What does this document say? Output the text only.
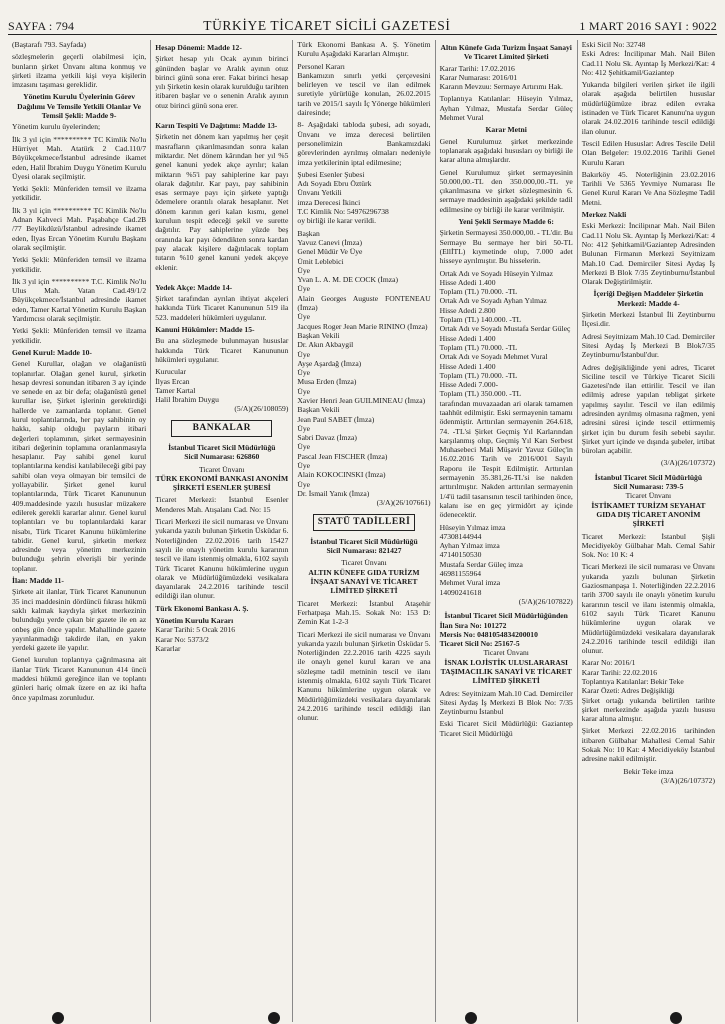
SAYFA : 794	TÜRKİYE TİCARET SİCİLİ GAZETESİ	1 MART 2016 SAYI : 9022

(Baştarafı 793. Sayfada)

sözleşmelerin geçerli olabilmesi için, bunların şirket Ünvanı altına konmuş ve şirketi ilzama yetkili kişi veya kişilerin imzasını taşıması gereklidir.

Yönetim Kurulu Üyelerinin Görev Dağılımı Ve Temsile Yetkili Olanlar Ve Temsil Şekli: Madde 9-

Yönetim kurulu üyelerinden;

İlk 3 yıl için ********** TC Kimlik No'lu Hürriyet Mah. Atatürk 2 Cad.110/7 Büyükçekmece/İstanbul adresinde ikamet eden, Halil İbrahim Duygu Yönetim Kurulu Üyesi olarak seçilmiştir.

Yetki Şekli: Münferiden temsil ve ilzama yetkilidir.

İlk 3 yıl için ********** TC Kimlik No'lu Adnan Kahveci Mah. Paşabahçe Cad.2B /77 Beylikdüzü/İstanbul adresinde ikamet eden, İlyas Ercan Yönetim Kurulu Başkanı olarak seçilmiştir.

Yetki Şekli: Münferiden temsil ve ilzama yetkilidir.

İlk 3 yıl için ********** T.C. Kimlik No'lu Ulus Mah. Vatan Cad.49/1/2 Büyükçekmece/İstanbul adresinde ikamet eden, Tamer Kartal Yönetim Kurulu Başkan Yardımcısı olarak seçilmiştir.

Yetki Şekli: Münferiden temsil ve ilzama yetkilidir.

Genel Kurul: Madde 10-

Genel Kurullar, olağan ve olağanüstü toplanırlar. Olağan genel kurul, şirketin hesap devresi sonundan itibaren 3 ay içinde ve senede en az bir defa; olağanüstü genel kurullar ise, Şirket işlerinin gerektirdiği hallerde ve zamanlarda toplanır. Genel kurul toplantılarında, her pay sahibinin oy hakkı, sahip olduğu payların itibari değerleri toplamının, şirket sermayesinin itibari değerinin toplamına oranlanmasıyla hesaplanır. Pay sahibi genel kurul toplantılarına kendisi katılabileceği gibi pay sahibi olan veya olmayan bir temsilci de yollayabilir. Şirket genel kurul toplantılarında, Türk Ticaret Kanununun 409.maddesinde yazılı hususlar müzakere edilerek gerekli kararlar alınır. Genel kurul toplantıları ve bu toplantılardaki karar nisabı, Türk Ticaret Kanunu hükümlerine tabidir. Genel kurul, şirketin merkez adresinde veya yönetim merkezinin bulunduğu şehrin elverişli bir yerinde toplanır.

İlan: Madde 11-

Şirkete ait ilanlar, Türk Ticaret Kanununun 35 inci maddesinin dördüncü fıkrası hükmü saklı kalmak kaydıyla şirket merkezinin bulunduğu yerde çıkan bir gazete ile en az onbeş gün önce yapılır. Mahallinde gazete yayınlanmadığı takdirde ilan, en yakın yerdeki gazete ile yapılır.

Genel kurulun toplantıya çağrılmasına ait ilanlar Türk Ticaret Kanununun 414 üncü maddesi hükmü gereğince ilan ve toplantı günleri hariç olmak üzere en az iki hafta önce yapılması zorunludur.

Hesap Dönemi: Madde 12-

Şirket hesap yılı Ocak ayının birinci gününden başlar ve Aralık ayının otuz birinci günü sona erer. Fakat birinci hesap yılı Şirketin kesin olarak kurulduğu tarihten itibaren başlar ve o senenin Aralık ayının otuz birinci günü sona erer.

Karın Tespiti Ve Dağıtımı: Madde 13-

Şirketin net dönem karı yapılmış her çeşit masrafların çıkarılmasından sonra kalan miktardır. Net dönem kârından her yıl %5 genel kanuni yedek akçe ayrılır; kalan miktarın %5'i pay sahiplerine kar payı olarak dağıtılır. Kar payı, pay sahibinin esas sermaye payı için şirkete yaptığı ödemelere orantılı olarak hesaplanır. Net dönem karının geri kalan kısmı, genel kuruluın tespit edeceği şekil ve surette dağıtılır. Pay sahiplerine yüzde beş oranında kar payı ödendikten sonra kardan pay alacak kişilere dağıtılacak toplam tutarın %10 genel kanuni yedek akçeye eklenir.

Yedek Akçe: Madde 14-

Şirket tarafından ayrılan ihtiyat akçeleri hakkında Türk Ticaret Kanununun 519 ila 523. maddeleri hükümleri uygulanır.

Kanuni Hükümler: Madde 15-

Bu ana sözleşmede bulunmayan hususlar hakkında Türk Ticaret Kanununun hükümleri uygulanır.

Kurucular
İlyas Ercan
Tamer Kartal
Halil İbrahim Duygu
(5/A)(26/108059)
BANKALAR
İstanbul Ticaret Sicil Müdürlüğü
Sicil Numarası: 626860
Ticaret Ünvanı
TÜRK EKONOMİ BANKASI ANONİM ŞİRKETİ ESENLER ŞUBESİ

Ticaret Merkezi: İstanbul Esenler Menderes Mah. Atışalanı Cad. No: 15

Ticari Merkezi ile sicil numarası ve Ünvanı yukarıda yazılı bulunan Şirketin Üsküdar 6. Noterliğinden 22.02.2016 tarih 15427 sayılı ile onaylı yönetim kurulu kararının tescil ve ilanı istenmiş olmakla, 6102 sayılı Türk Ticaret Kanunu hükümlerine uygun olarak ve Müdürlüğümüzdeki vesikalara dayanılarak 24.2.2016 tarihinde tescil edildiği ilan olunur.

Türk Ekonomi Bankası A. Ş.
Yönetim Kurulu Kararı
Karar Tarihi: 5 Ocak 2016
Karar No: 5373/2
Kararlar

Türk Ekonomi Bankası A. Ş. Yönetim Kurulu Aşağıdaki Kararları Almıştır.

Personel Kararı

Bankamızın sınırlı yetki çerçevesini belirleyen ve tescil ve ilan edilmek suretiyle yürürlüğe konulan, 26.02.2015 tarih ve 2015/1 sayılı İç Yönerge hükümleri dairesinde;

8- Aşağıdaki tabloda şubesi, adı soyadı, Ünvanı ve imza derecesi belirtilen personelimizin Bankamızdaki görevlerinden ayrılmış olmaları nedeniyle imza yetkilerinin iptal edilmesine;

Şubesi Esenler Şubesi
Adı Soyadı Ebru Öztürk
Ünvanı Yetkili
imza Derecesi İkinci
T.C Kimlik No: 54976296738
oy birliği ile karar verildi.
Başkan
Yavuz Canevi (İmza)
Genel Müdür Ve Üye
Ümit Leblebici
Üye
Yvan L. A. M. DE COCK (İmza)
Üye
Alain Georges Auguste FONTENEAU (İmza)
Üye
Jacques Roger Jean Marie RININO (İmza)
Başkan Vekili
Dr. Akın Akbaygil
Üye
Ayşe Aşardağ (İmza)
Üye
Musa Erden (İmza)
Üye
Xavier Henri Jean GUILMINEAU (İmza)
Başkan Vekili
Jean Paul SABET (İmza)
Üye
Sabri Davaz (İmza)
Üye
Pascal Jean FISCHER (İmza)
Üye
Alain KOKOCINSKI (İmza)
Üye
Dr. İsmail Yanık (İmza)
(3/A)(26/107661)
STATÜ TADİLLERİ
İstanbul Ticaret Sicil Müdürlüğü
Sicil Numarası: 821427
Ticaret Ünvanı
ALTIN KÜNEFE GIDA TURİZM İNŞAAT SANAYİ VE TİCARET LİMİTED ŞİRKETİ

Ticaret Merkezi: İstanbul Ataşehir Ferhatpaşa Mah.15. Sokak No: 153 D: Zemin Kat 1-2-3

Ticari Merkezi ile sicil numarası ve Ünvanı yukarıda yazılı bulunan Şirketin Üsküdar 5. Noterliğinden 22.2.2016 tarih 4225 sayılı ile onaylı genel kurul kararı ve ana sözleşme tadil metninin tescil ve ilanı istenmiş olmakla, 6102 sayılı Türk Ticaret Kanunu hükümlerine uygun olarak ve Müdürlüğümüzdeki vesikalara dayanılarak 24.2.2016 tarihinde tescil edildiği ilan olunur.

Altın Künefe Gıda Turizm İnşaat Sanayi Ve Ticaret Limited Şirketi
Karar Tarihi: 17.02.2016
Karar Numarası: 2016/01

Kararın Mevzuu: Sermaye Artırımı Hak.

Toplantıya Katılanlar: Hüseyin Yılmaz, Ayhan Yılmaz, Mustafa Serdar Güleç Mehmet Vural

Karar Metni

Genel Kurulumuz şirket merkezinde toplanarak aşağıdaki hususları oy birliği ile karar altına almışlardır.

Genel Kurulumuz şirket sermayesinin 50.000,00.-TL den 350.000,00.-TL ye çıkarılmasına ve şirket sözleşmesinin 6. sermaye maddesinin aşağıdaki şekilde tadil edilmesine oy birliği ile karar verilmiştir.

Yeni Şekli Sermaye Madde 6:

Şirketin Sermayesi 350.000,00. - TL'dir. Bu Sermaye Bu sermaye her biri 50-TL (EllİTL) kıymetinde olup, 7.000 adet hisseye ayrılmıştır. Bu hisselerin.

Ortak Adı ve Soyadı Hüseyin Yılmaz
Hisse Adedi 1.400
Toplam (TL) 70.000. -TL
Ortak Adı ve Soyadı Ayhan Yılmaz
Hisse Adedi 2.800
Toplam (TL) 140.000. -TL
Ortak Adı ve Soyadı Mustafa Serdar Güleç
Hisse Adedi 1.400
Toplam (TL) 70.000. -TL
Ortak Adı ve Soyadı Mehmet Vural
Hisse Adedi 1.400
Toplam (TL) 70.000. -TL
Hisse Adedi 7.000-
Toplam (TL) 350.000. -TL

tarafından muvazaadan ari olarak tamamen taahhüt edilmiştir. Eski sermayenin tamamı ödenmiştir. Arttırılan sermayenin 264.618, 74. -TL'si Şirket Geçmiş Yıl Karlarından karşılanmış olup, Geçmiş Yıl Karı Serbest Muhasebeci Mali Müşavir Yavuz Güleç'in 16.02.2016 Tarih ve 2016/001 Sayılı Raporu ile Tespit Edilmiştir. Arttırılan sermayenin 35.381,26-TL'si ise nakden arttırılmıştır. Nakden arttırılan sermayenin 1/4'ü tadil tasarısının tescil tarihinden önce, kalanı ise en geç yirmidört ay içinde ödenecektir.

Hüseyin Yılmaz imza
47308144944
Ayhan Yılmaz imza
47140150530
Mustafa Serdar Güleç imza
46981155964
Mehmet Vural imza
14090241618
(5/A)(26/107822)
İstanbul Ticaret Sicil Müdürlüğünden
İlan Sıra No: 101272
Mersis No: 0481054834200010
Ticaret Sicil No: 25167-5
Ticaret Ünvanı
İSNAK LOJİSTİK ULUSLARARASI TAŞIMACILIK SANAYİ VE TİCARET LİMİTED ŞİRKETİ

Adres: Seyitnizam Mah.10 Cad. Demirciler Sitesi Aydaş İş Merkezi B Blok No: 7/35 Zeytinburnu İstanbul

Eski Ticaret Sicil Müdürlüğü: Gaziantep Ticaret Sicil Müdürlüğü

Eski Sicil No: 32748

Eski Adres: İncilipınar Mah. Nail Bilen Cad.11 Nolu Sk. Ayıntap İş Merkezi/Kat: 4 No: 412 Şehitkamil/Gaziantep

Yukarıda bilgileri verilen şirket ile ilgili olarak aşağıda belirtilen hususlar müdürlüğümüze ibraz edilen evraka istinaden ve Türk Ticaret Kanunu'na uygun olarak 24.02.2016 tarihinde tescil edildiği ilan olunur.

Tescil Edilen Hususlar: Adres Tescile Delil Olan Belgeler: 19.02.2016 Tarihli Genel Kurulu Kararı

Bakırköy 45. Noterliğinin 23.02.2016 Tarihli Ve 5365 Yevmiye Numarası İle Genel Kurul Kararı Ve Ana Sözleşme Tadil Metni.

Merkez Nakli

Eski Merkezi: İncilipınar Mah. Nail Bilen Cad.11 Nolu Sk. Ayıntap İş Merkezi/Kat: 4 No: 412 Şehitkamil/Gaziantep Adresinden Bulunan Firmanın Merkezi Seyitnizam Mah.10 Cad. Demirciler Sitesi Aydaş İş Merkezi B Blok 7/35 Zeytinburnu/İstanbul Olarak Değiştirilmiştir.

İçeriği Değişen Maddeler Şirketin Merkezi: Madde 4-

Şirketin Merkezi İstanbul İli Zeytinburnu İlçesi.dir.

Adresi Seyitnizam Mah.10 Cad. Demirciler Sitesi Aydaş İş Merkezi B Blok7/35 Zeytinburnu/İstanbul'dur.

Adres değişikliğinde yeni adres, Ticaret Siciline tescil ve Türkiye Ticaret Sicili Gazetesi'nde ilan ettirilir. Tescil ve ilan edilmiş adrese yapılan tebligat şirkete yapılmış sayılır. Tescil ve ilan edilmiş adresinden ayrılmış olmasına rağmen, yeni adresini süresi içinde tescil ettirmemiş şirket için bu durum fesih sebebi sayılır. Şirket yurt içinde ve dışında şubeler, irtibat büroları açabilir.

(3/A)(26/107372)
İstanbul Ticaret Sicil Müdürlüğü
Sicil Numarası: 739-5
Ticaret Ünvanı
İSTİKAMET TURİZM SEYAHAT GIDA DIŞ TİCARET ANONİM ŞİRKETİ

Ticaret Merkezi: İstanbul Şişli Mecidiyeköy Gülbahar Mah. Cemal Sahir Sok. No: 10 K: 4

Ticari Merkezi ile sicil numarası ve Ünvanı yukarıda yazılı bulunan Şirketin Gaziosmanpaşa 1. Noterliğinden 22.2.2016 tarih 3700 sayılı ile onaylı yönetim kurulu kararının tescil ve ilanı istenmiş olmakla, 6102 sayılı Türk Ticaret Kanunu hükümlerine uygun olarak ve Müdürlüğümüzdeki vesikalara dayanılarak 24.2.2016 tarihinde tescil edildiği ilan olunur.

Karar No: 2016/1
Karar Tarihi: 22.02.2016
Toplantıya Katılanlar: Bekir Teke
Karar Özeti: Adres Değişikliği

Şirket ortağı yukarıda belirtilen tarihte şirket merkezinde aşağıda yazılı hususu karar altına almıştır.

Şirket Merkezi 22.02.2016 tarihinden itibaren Gülbahar Mahallesi Cemal Sahir Sokak No: 10 Kat: 4 Mecidiyeköy İstanbul adresine nakil edilmiştir.

Bekir Teke imza
(3/A)(26/107372)
